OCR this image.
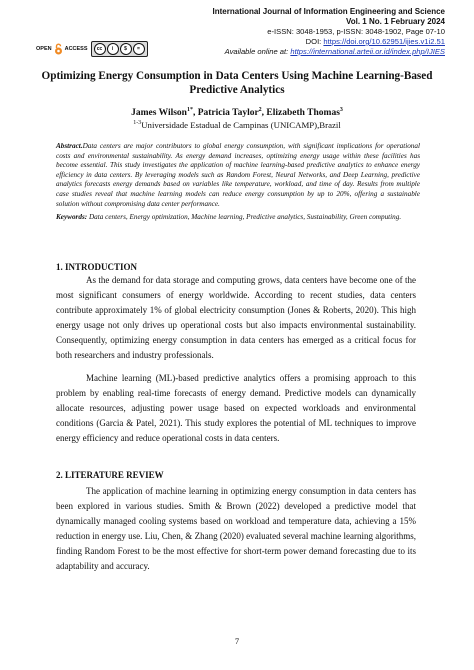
International Journal of Information Engineering and Science
Vol. 1 No. 1 February 2024
e-ISSN: 3048-1953, p-ISSN: 3048-1902, Page 07-10
DOI: https://doi.org/10.62951/ijies.v1i2.51
Available online at: https://international.arteii.or.id/index.php/IJIES
OPEN ACCESS	cc	i	$	=
Optimizing Energy Consumption in Data Centers Using Machine Learning-Based Predictive Analytics
James Wilson$^{1*}$, Patricia Taylor$^2$, Elizabeth Thomas$^3$
$^{1-3}$Universidade Estadual de Campinas (UNICAMP),Brazil
Abstract.Data centers are major contributors to global energy consumption, with significant implications for operational costs and environmental sustainability. As energy demand increases, optimizing energy usage within these facilities has become essential. This study investigates the application of machine learning-based predictive analytics to enhance energy efficiency in data centers. By leveraging models such as Random Forest, Neural Networks, and Deep Learning, predictive analytics forecasts energy demands based on variables like temperature, workload, and time of day. Results from multiple case studies reveal that machine learning models can reduce energy consumption by up to 20%, offering a sustainable solution without compromising data center performance.
Keywords: Data centers, Energy optimization, Machine learning, Predictive analytics, Sustainability, Green computing.
1. INTRODUCTION

As the demand for data storage and computing grows, data centers have become one of the most significant consumers of energy worldwide. According to recent studies, data centers contribute approximately 1% of global electricity consumption (Jones & Roberts, 2020). This high energy usage not only drives up operational costs but also impacts environmental sustainability. Consequently, optimizing energy consumption in data centers has emerged as a critical focus for both researchers and industry professionals.

Machine learning (ML)-based predictive analytics offers a promising approach to this problem by enabling real-time forecasts of energy demand. Predictive models can dynamically allocate resources, adjusting power usage based on expected workloads and environmental conditions (Garcia & Patel, 2021). This study explores the potential of ML techniques to improve energy efficiency and reduce operational costs in data centers.

2. LITERATURE REVIEW

The application of machine learning in optimizing energy consumption in data centers has been explored in various studies. Smith & Brown (2022) developed a predictive model that dynamically managed cooling systems based on workload and temperature data, achieving a 15% reduction in energy use. Liu, Chen, & Zhang (2020) evaluated several machine learning algorithms, finding Random Forest to be the most effective for short-term power demand forecasting due to its adaptability and accuracy.

7
